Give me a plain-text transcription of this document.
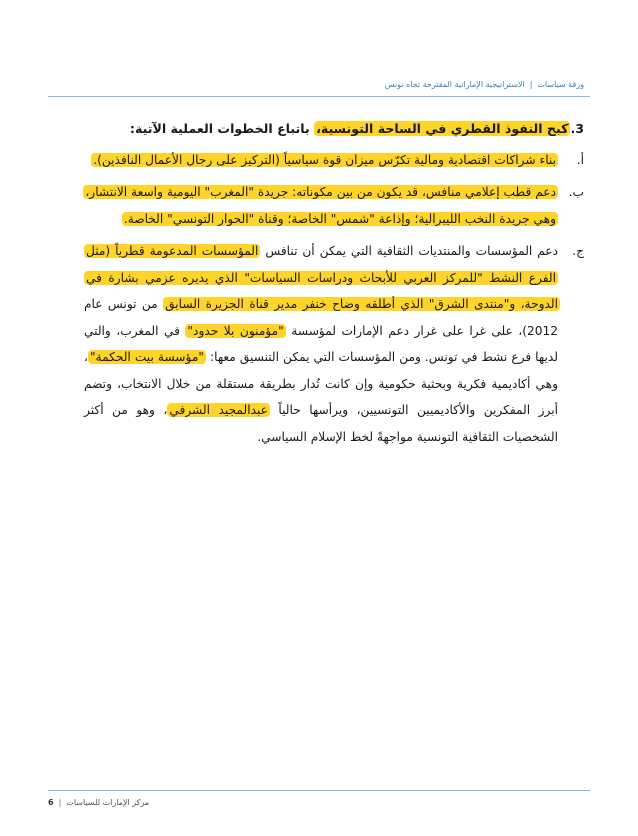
ورقة سياسات|الاستراتيجية الإماراتية المقترحة تجاه تونس
3.كبح النفوذ القطري في الساحة التونسية، باتباع الخطوات العملية الآتية:
أ.
بناء شراكات اقتصادية ومالية تكرّس ميزان قوة سياسياً (التركيز على رجال الأعمال النافذين).
ب.
دعم قطب إعلامي منافس، قد يكون من بين مكوناته: جريدة "المغرب" اليومية واسعة الانتشار، وهي جريدة النخب الليبرالية؛ وإذاعة "شمس" الخاصة؛ وقناة "الحوار التونسي" الخاصة.
ج.
دعم المؤسسات والمنتديات الثقافية التي يمكن أن تنافس المؤسسات المدعومة قطرياً (مثل الفرع النشط "للمركز العربي للأبحاث ودراسات السياسات" الذي يديره عزمي بشارة في الدوحة، و"منتدى الشرق" الذي أطلقه وضاح خنفر مدير قناة الجزيرة السابق من تونس عام 2012)، على غرا على غرار دعم الإمارات لمؤسسة "مؤمنون بلا حدود" في المغرب، والتي لديها فرع نشط في تونس. ومن المؤسسات التي يمكن التنسيق معها: "مؤسسة بيت الحكمة"، وهي أكاديمية فكرية وبحثية حكومية وإن كانت تُدار بطريقة مستقلة من خلال الانتخاب، وتضم أبرز المفكرين والأكاديميين التونسيين، ويرأسها حالياً عبدالمجيد الشرفي، وهو من أكثر الشخصيات الثقافية التونسية مواجهةً لخط الإسلام السياسي.
6 | مركز الإمارات للسياسات
